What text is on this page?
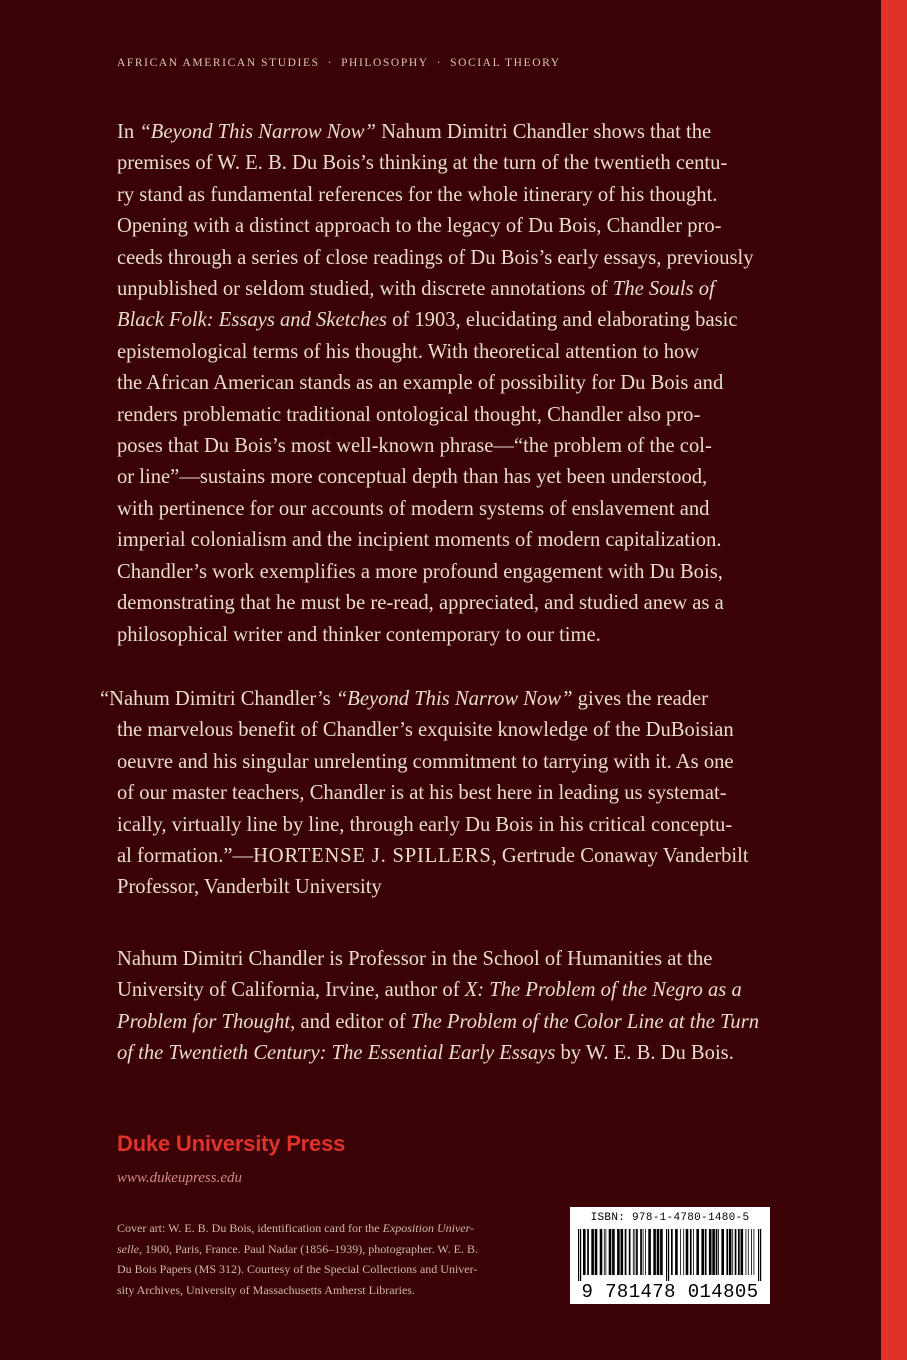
AFRICAN AMERICAN STUDIES · PHILOSOPHY · SOCIAL THEORY
In “Beyond This Narrow Now” Nahum Dimitri Chandler shows that the
premises of W. E. B. Du Bois’s thinking at the turn of the twentieth centu-
ry stand as fundamental references for the whole itinerary of his thought.
Opening with a distinct approach to the legacy of Du Bois, Chandler pro-
ceeds through a series of close readings of Du Bois’s early essays, previously
unpublished or seldom studied, with discrete annotations of The Souls of
Black Folk: Essays and Sketches of 1903, elucidating and elaborating basic
epistemological terms of his thought. With theoretical attention to how
the African American stands as an example of possibility for Du Bois and
renders problematic traditional ontological thought, Chandler also pro-
poses that Du Bois’s most well-known phrase—“the problem of the col-
or line”—sustains more conceptual depth than has yet been understood,
with pertinence for our accounts of modern systems of enslavement and
imperial colonialism and the incipient moments of modern capitalization.
Chandler’s work exemplifies a more profound engagement with Du Bois,
demonstrating that he must be re-read, appreciated, and studied anew as a
philosophical writer and thinker contemporary to our time.
“Nahum Dimitri Chandler’s “Beyond This Narrow Now” gives the reader
the marvelous benefit of Chandler’s exquisite knowledge of the DuBoisian
oeuvre and his singular unrelenting commitment to tarrying with it. As one
of our master teachers, Chandler is at his best here in leading us systemat-
ically, virtually line by line, through early Du Bois in his critical conceptu-
al formation.”—HORTENSE J. SPILLERS, Gertrude Conaway Vanderbilt
Professor, Vanderbilt University
Nahum Dimitri Chandler is Professor in the School of Humanities at the
University of California, Irvine, author of X: The Problem of the Negro as a
Problem for Thought, and editor of The Problem of the Color Line at the Turn
of the Twentieth Century: The Essential Early Essays by W. E. B. Du Bois.
Duke University Press
www.dukeupress.edu
Cover art: W. E. B. Du Bois, identification card for the Exposition Univer-
selle, 1900, Paris, France. Paul Nadar (1856–1939), photographer. W. E. B.
Du Bois Papers (MS 312). Courtesy of the Special Collections and Univer-
sity Archives, University of Massachusetts Amherst Libraries.
ISBN: 978-1-4780-1480-5
9 781478 014805
